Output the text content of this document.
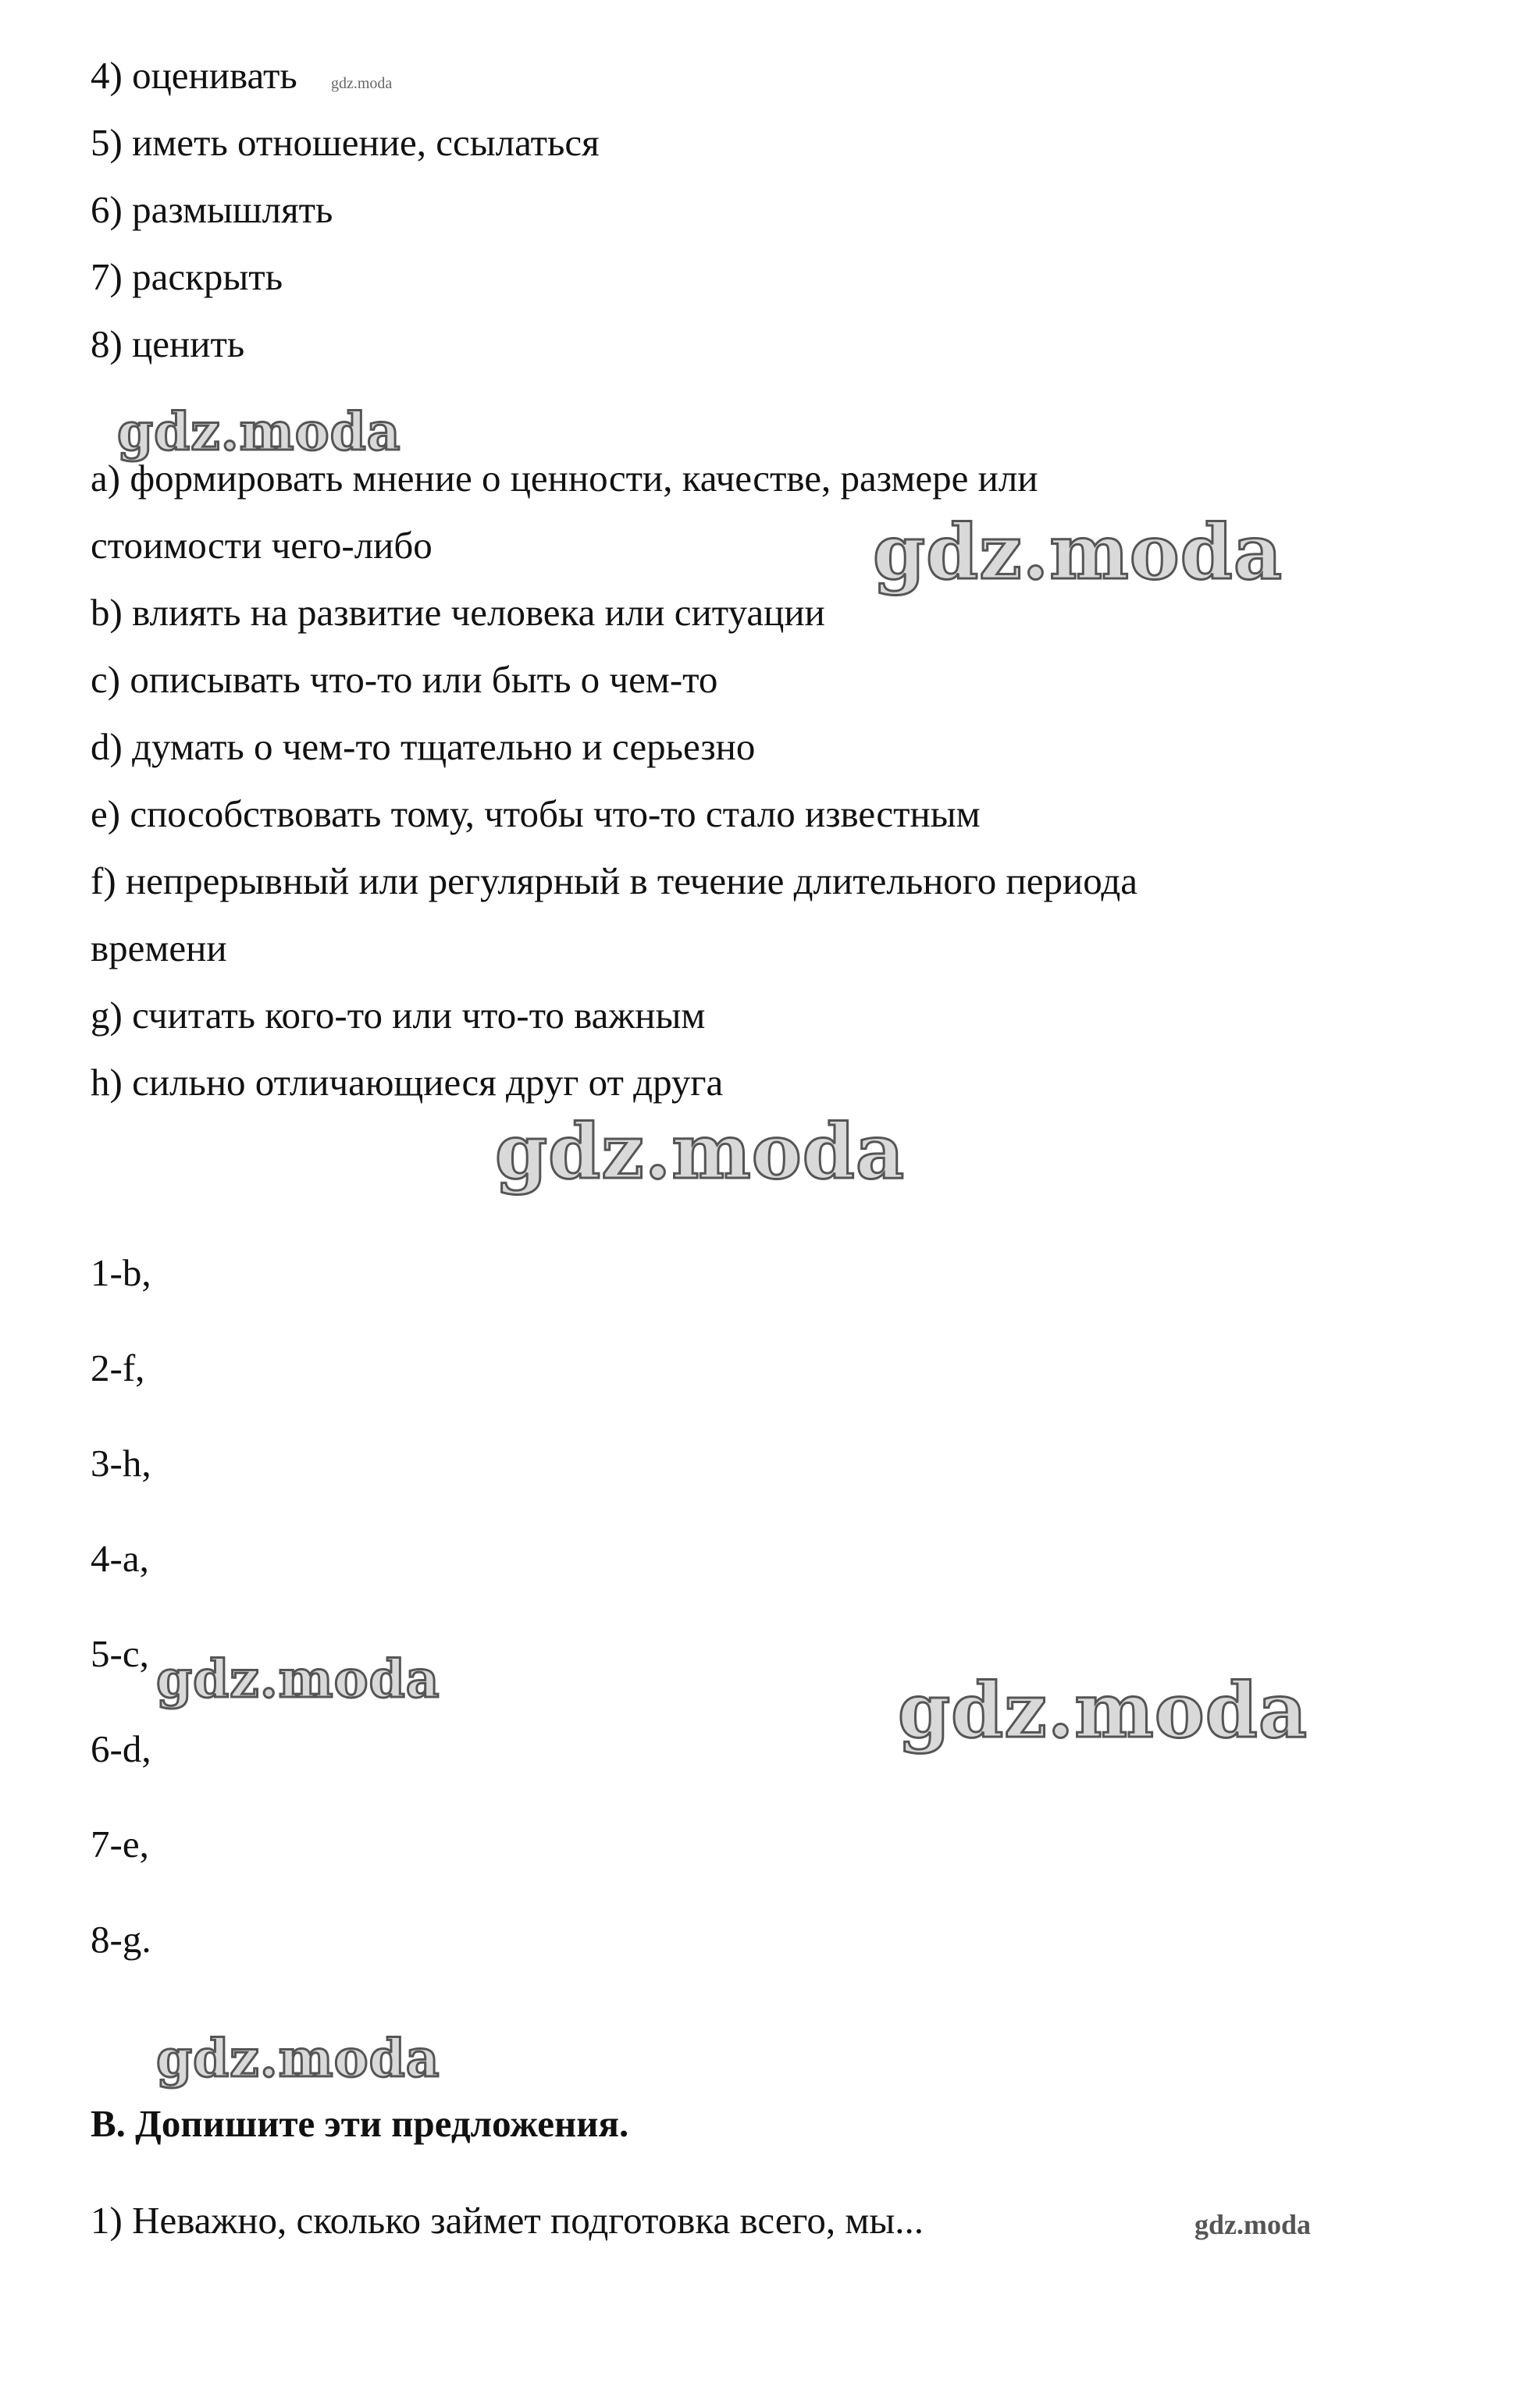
4) оценивать
5) иметь отношение, ссылаться
6) размышлять
7) раскрыть
8) ценить
a) формировать мнение о ценности, качестве, размере или
стоимости чего-либо
b) влиять на развитие человека или ситуации
c) описывать что-то или быть о чем-то
d) думать о чем-то тщательно и серьезно
e) способствовать тому, чтобы что-то стало известным
f) непрерывный или регулярный в течение длительного периода
времени
g) считать кого-то или что-то важным
h) сильно отличающиеся друг от друга
1-b,
2-f,
3-h,
4-a,
5-c,
6-d,
7-e,
8-g.
B. Допишите эти предложения.
1) Неважно, сколько займет подготовка всего, мы...
gdz.moda
gdz.moda
gdz.moda
gdz.moda
gdz.moda	gdz.moda
gdz.moda
gdz.moda
